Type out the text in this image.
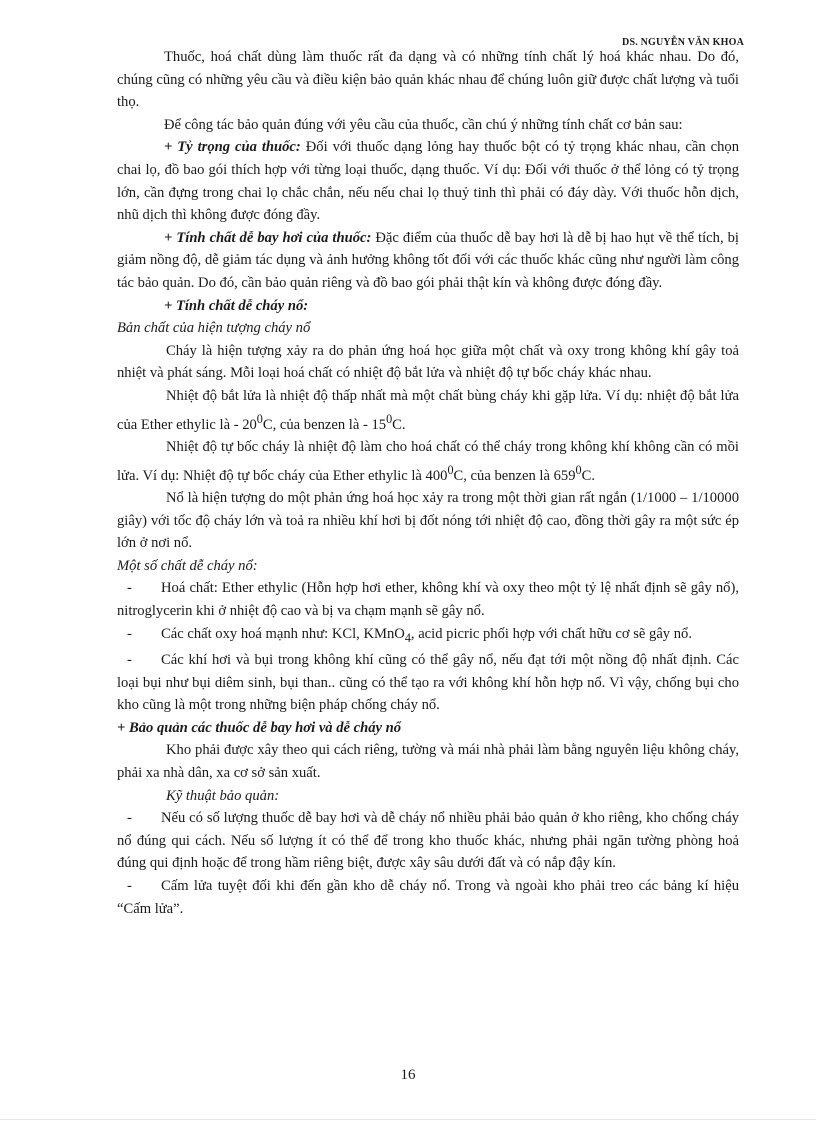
DS. NGUYỄN VĂN KHOA

Thuốc, hoá chất dùng làm thuốc rất đa dạng và có những tính chất lý hoá khác nhau. Do đó, chúng cũng có những yêu cầu và điều kiện bảo quản khác nhau để chúng luôn giữ được chất lượng và tuổi thọ.

Để công tác bảo quản đúng với yêu cầu của thuốc, cần chú ý những tính chất cơ bản sau:

+ Tỷ trọng của thuốc: Đối với thuốc dạng lỏng hay thuốc bột có tỷ trọng khác nhau, cần chọn chai lọ, đồ bao gói thích hợp với từng loại thuốc, dạng thuốc. Ví dụ: Đối với thuốc ở thể lỏng có tỷ trọng lớn, cần đựng trong chai lọ chắc chắn, nếu nếu chai lọ thuỷ tinh thì phải có đáy dày. Với thuốc hỗn dịch, nhũ dịch thì không được đóng đầy.

+ Tính chất dễ bay hơi của thuốc: Đặc điểm của thuốc dễ bay hơi là dễ bị hao hụt về thể tích, bị giảm nồng độ, dễ giảm tác dụng và ảnh hưởng không tốt đối với các thuốc khác cũng như người làm công tác bảo quản. Do đó, cần bảo quản riêng và đồ bao gói phải thật kín và không được đóng đầy.

+ Tính chất dễ cháy nổ:

Bản chất của hiện tượng cháy nổ

Cháy là hiện tượng xảy ra do phản ứng hoá học giữa một chất và oxy trong không khí gây toả nhiệt và phát sáng. Mỗi loại hoá chất có nhiệt độ bắt lửa và nhiệt độ tự bốc cháy khác nhau.

Nhiệt độ bắt lửa là nhiệt độ thấp nhất mà một chất bùng cháy khi gặp lửa. Ví dụ: nhiệt độ bắt lửa của Ether ethylic là - $20^0C$, của benzen là - $15^0C$.

Nhiệt độ tự bốc cháy là nhiệt độ làm cho hoá chất có thể cháy trong không khí không cần có mồi lửa. Ví dụ: Nhiệt độ tự bốc cháy của Ether ethylic là $400^0C$, của benzen là $659^0C$.

Nổ là hiện tượng do một phản ứng hoá học xảy ra trong một thời gian rất ngắn (1/1000 – 1/10000 giây) với tốc độ cháy lớn và toả ra nhiều khí hơi bị đốt nóng tới nhiệt độ cao, đồng thời gây ra một sức ép lớn ở nơi nổ.

Một số chất dễ cháy nổ:

- Hoá chất: Ether ethylic (Hỗn hợp hơi ether, không khí và oxy theo một tỷ lệ nhất định sẽ gây nổ), nitroglycerin khi ở nhiệt độ cao và bị va chạm mạnh sẽ gây nổ.

- Các chất oxy hoá mạnh như: KCl, KMnO$_4$, acid picric phối hợp với chất hữu cơ sẽ gây nổ.

- Các khí hơi và bụi trong không khí cũng có thể gây nổ, nếu đạt tới một nồng độ nhất định. Các loại bụi như bụi diêm sinh, bụi than.. cũng có thể tạo ra với không khí hỗn hợp nổ. Vì vậy, chống bụi cho kho cũng là một trong những biện pháp chống cháy nổ.

+ Bảo quản các thuốc dễ bay hơi và dễ cháy nổ

Kho phải được xây theo qui cách riêng, tường và mái nhà phải làm bằng nguyên liệu không cháy, phải xa nhà dân, xa cơ sở sản xuất.

Kỹ thuật bảo quản:

- Nếu có số lượng thuốc dễ bay hơi và dễ cháy nổ nhiều phải bảo quản ở kho riêng, kho chống cháy nổ đúng qui cách. Nếu số lượng ít có thể để trong kho thuốc khác, nhưng phải ngăn tường phòng hoả đúng qui định hoặc để trong hầm riêng biệt, được xây sâu dưới đất và có nắp đậy kín.

- Cấm lửa tuyệt đối khi đến gần kho dễ cháy nổ. Trong và ngoài kho phải treo các bảng kí hiệu “Cấm lửa”.

16
